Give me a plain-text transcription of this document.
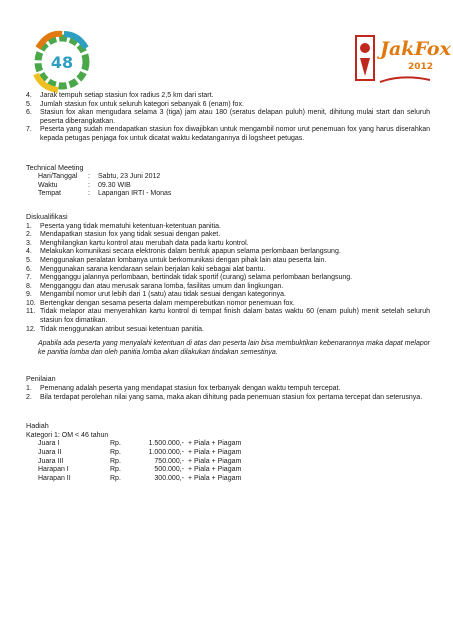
48
JakFox
2012
4.	Jarak tempuh setiap stasiun fox radius 2,5 km dari start.
5.	Jumlah stasiun fox untuk seluruh kategori sebanyak 6 (enam) fox.
6.	Stasiun fox akan mengudara selama 3 (tiga) jam atau 180 (seratus delapan puluh) menit, dihitung mulai start dan seluruh peserta diberangkatkan.
7.	Peserta yang sudah mendapatkan stasiun fox diwajibkan untuk mengambil nomor urut penemuan fox yang harus diserahkan kepada petugas penjaga fox untuk dicatat waktu kedatangannya di logsheet petugas.
Technical Meeting
Hari/Tanggal	:	Sabtu, 23 Juni 2012
Waktu	:	09.30 WIB
Tempat	:	Lapangan IRTI - Monas
Diskualifikasi
1.	Peserta yang tidak mematuhi ketentuan-ketentuan panitia.
2.	Mendapatkan stasiun fox yang tidak sesuai dengan paket.
3.	Menghilangkan kartu kontrol atau merubah data pada kartu kontrol.
4.	Melakukan komunikasi secara elektronis dalam bentuk apapun selama perlombaan berlangsung.
5.	Menggunakan peralatan lombanya untuk berkomunikasi dengan pihak lain atau peserta lain.
6.	Menggunakan sarana kendaraan selain berjalan kaki sebagai alat bantu.
7.	Mengganggu jalannya perlombaan, bertindak tidak sportif (curang) selama perlombaan berlangsung.
8.	Mengganggu dan atau merusak sarana lomba, fasilitas umum dan lingkungan.
9.	Mengambil nomor urut lebih dari 1 (satu) atau tidak sesuai dengan kategorinya.
10. Bertengkar dengan sesama peserta dalam memperebutkan nomor penemuan fox.
11. Tidak melapor atau menyerahkan kartu kontrol di tempat finish dalam batas waktu 60 (enam puluh) menit setelah seluruh stasiun fox dimatikan.
12. Tidak menggunakan atribut sesuai ketentuan panitia.
Apabila ada peserta yang menyalahi ketentuan di atas dan peserta lain bisa membuktikan kebenarannya maka dapat melapor ke panitia lomba dan oleh panitia lomba akan dilakukan tindakan semestinya.
Penilaian
1.	Pemenang adalah peserta yang mendapat stasiun fox terbanyak dengan waktu tempuh tercepat.
2.	Bila terdapat perolehan nilai yang sama, maka akan dihitung pada penemuan stasiun fox pertama tercepat dan seterusnya.
Hadiah
Kategori 1: OM < 46 tahun
Juara I	Rp.	1.500.000,- + Piala + Piagam
Juara II	Rp.	1.000.000,- + Piala + Piagam
Juara III	Rp.	750.000,- + Piala + Piagam
Harapan I	Rp.	500.000,- + Piala + Piagam
Harapan II	Rp.	300.000,- + Piala + Piagam
